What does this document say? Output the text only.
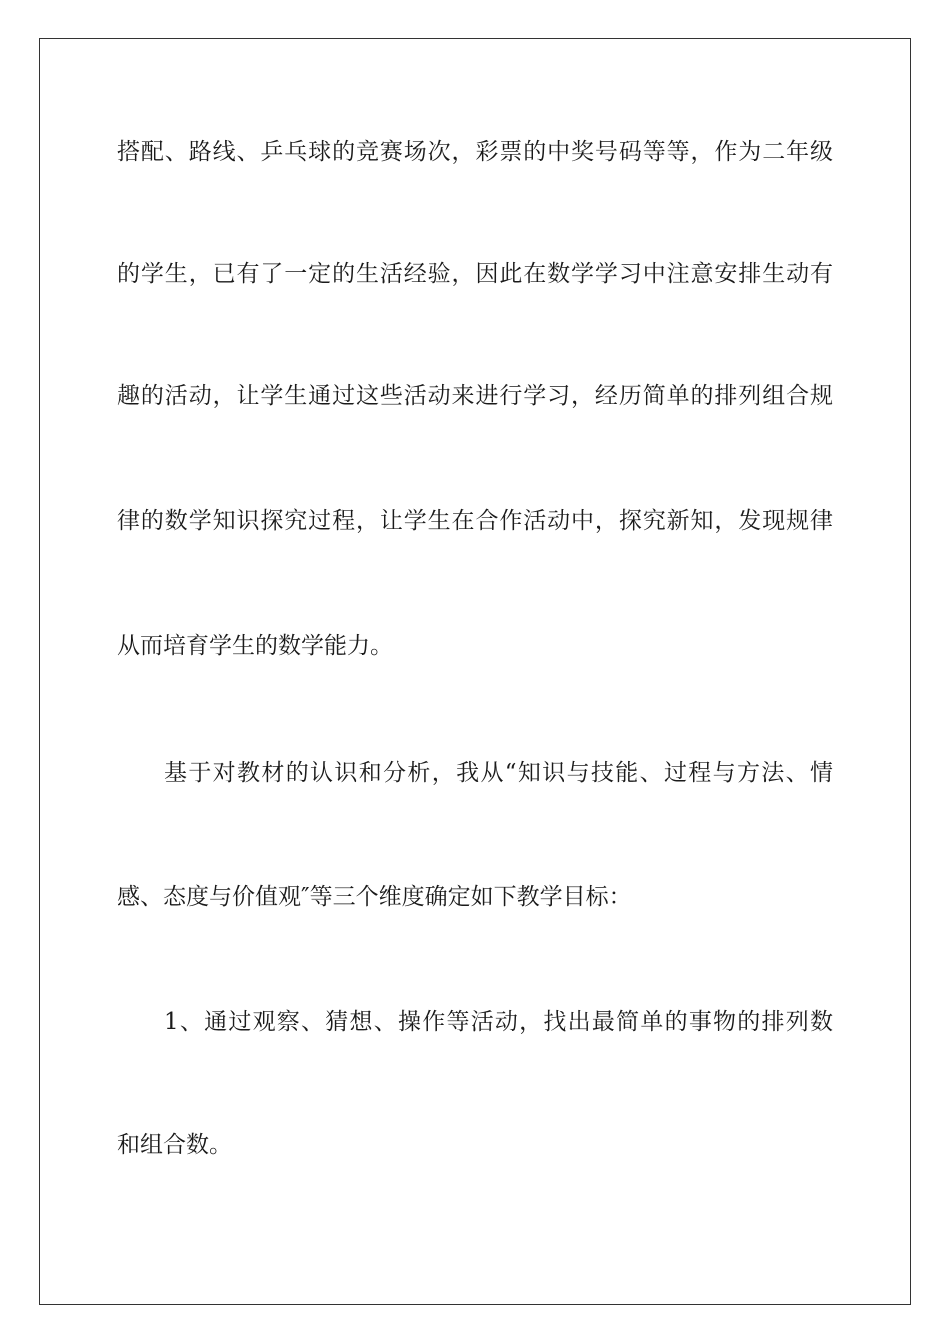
搭配、路线、乒乓球的竞赛场次，彩票的中奖号码等等，作为二年级
的学生，已有了一定的生活经验，因此在数学学习中注意安排生动有
趣的活动，让学生通过这些活动来进行学习，经历简单的排列组合规
律的数学知识探究过程，让学生在合作活动中，探究新知，发现规律
从而培育学生的数学能力。
基于对教材的认识和分析，我从“知识与技能、过程与方法、情
感、态度与价值观″等三个维度确定如下教学目标：
1、通过观察、猜想、操作等活动，找出最简单的事物的排列数
和组合数。
